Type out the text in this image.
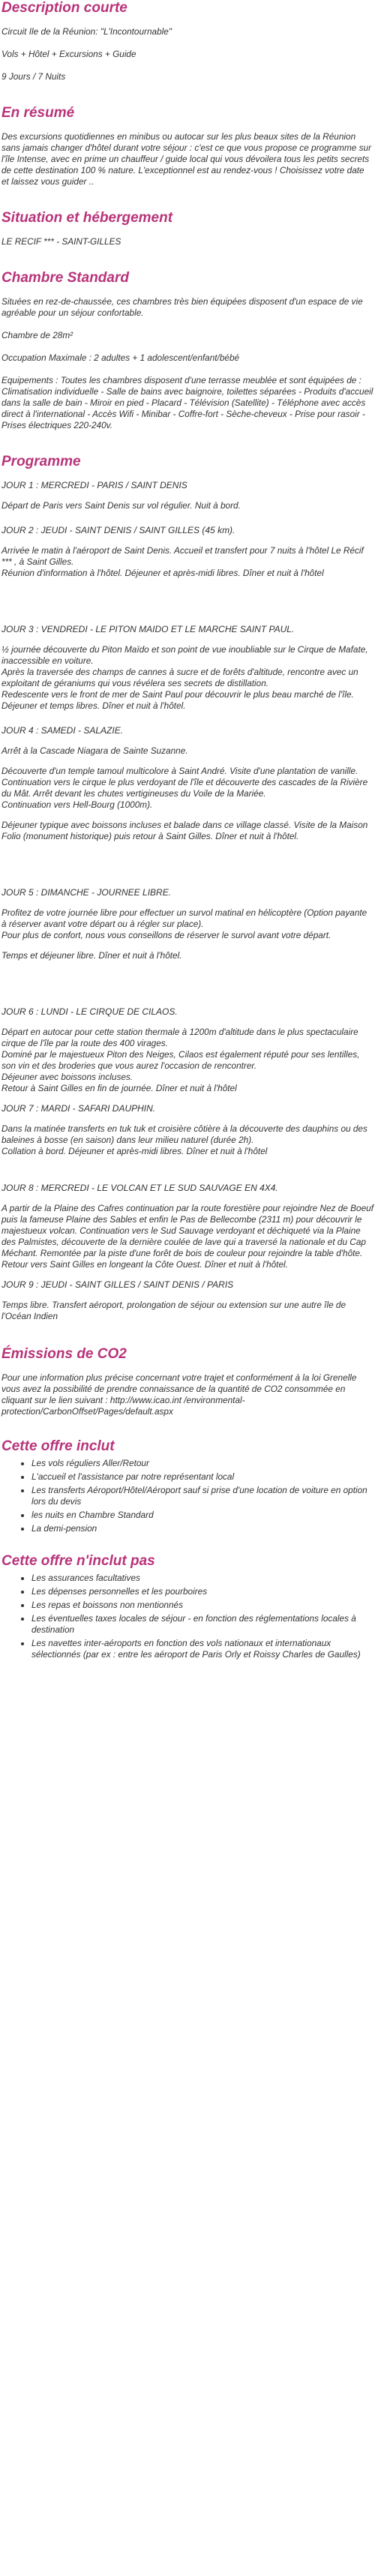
Description courte

Circuit Ile de la Réunion: "L'Incontournable"

Vols + Hôtel + Excursions + Guide

9 Jours / 7 Nuits

En résumé

Des excursions quotidiennes en minibus ou autocar sur les plus beaux sites de la Réunion sans jamais changer d'hôtel durant votre séjour : c'est ce que vous propose ce programme sur l'île Intense, avec en prime un chauffeur / guide local qui vous dévoilera tous les petits secrets de cette destination 100 % nature. L'exceptionnel est au rendez-vous ! Choisissez votre date et laissez vous guider ..

Situation et hébergement

LE RECIF *** - SAINT-GILLES

Chambre Standard

Situées en rez-de-chaussée, ces chambres très bien équipées disposent d'un espace de vie agréable pour un séjour confortable.

Chambre de 28m²

Occupation Maximale : 2 adultes + 1 adolescent/enfant/bébé

Equipements : Toutes les chambres disposent d'une terrasse meublée et sont équipées de : Climatisation individuelle - Salle de bains avec baignoire, toilettes séparées - Produits d'accueil dans la salle de bain - Miroir en pied - Placard - Télévision (Satellite) - Téléphone avec accès direct à l'international - Accès Wifi - Minibar - Coffre-fort - Sèche-cheveux - Prise pour rasoir - Prises électriques 220-240v.

Programme

JOUR 1 : MERCREDI - PARIS / SAINT DENIS

Départ de Paris vers Saint Denis sur vol régulier. Nuit à bord.

JOUR 2 : JEUDI - SAINT DENIS / SAINT GILLES (45 km).

Arrivée le matin à l'aéroport de Saint Denis. Accueil et transfert pour 7 nuits à l'hôtel Le Récif *** , à Saint Gilles.
Réunion d'information à l'hôtel. Déjeuner et après-midi libres. Dîner et nuit à l'hôtel

JOUR 3 : VENDREDI - LE PITON MAIDO ET LE MARCHE SAINT PAUL.

½ journée découverte du Piton Maïdo et son point de vue inoubliable sur le Cirque de Mafate, inaccessible en voiture.
Après la traversée des champs de cannes à sucre et de forêts d'altitude, rencontre avec un exploitant de géraniums qui vous révélera ses secrets de distillation.
Redescente vers le front de mer de Saint Paul pour découvrir le plus beau marché de l'île.
Déjeuner et temps libres. Dîner et nuit à l'hôtel.

JOUR 4 : SAMEDI - SALAZIE.

Arrêt à la Cascade Niagara de Sainte Suzanne.

Découverte d'un temple tamoul multicolore à Saint André. Visite d'une plantation de vanille.
Continuation vers le cirque le plus verdoyant de l'île et découverte des cascades de la Rivière du Mât. Arrêt devant les chutes vertigineuses du Voile de la Mariée.
Continuation vers Hell-Bourg (1000m).

Déjeuner typique avec boissons incluses et balade dans ce village classé. Visite de la Maison Folio (monument historique) puis retour à Saint Gilles. Dîner et nuit à l'hôtel.

JOUR 5 : DIMANCHE - JOURNEE LIBRE.

Profitez de votre journée libre pour effectuer un survol matinal en hélicoptère (Option payante à réserver avant votre départ ou à régler sur place).
Pour plus de confort, nous vous conseillons de réserver le survol avant votre départ.

Temps et déjeuner libre. Dîner et nuit à l'hôtel.

JOUR 6 : LUNDI - LE CIRQUE DE CILAOS.

Départ en autocar pour cette station thermale à 1200m d'altitude dans le plus spectaculaire cirque de l'île par la route des 400 virages.
Dominé par le majestueux Piton des Neiges, Cilaos est également réputé pour ses lentilles, son vin et des broderies que vous aurez l'occasion de rencontrer.
Déjeuner avec boissons incluses.
Retour à Saint Gilles en fin de journée. Dîner et nuit à l'hôtel

JOUR 7 : MARDI - SAFARI DAUPHIN.

Dans la matinée transferts en tuk tuk et croisière côtière à la découverte des dauphins ou des baleines à bosse (en saison) dans leur milieu naturel (durée 2h).
Collation à bord. Déjeuner et après-midi libres. Dîner et nuit à l'hôtel

JOUR 8 : MERCREDI - LE VOLCAN ET LE SUD SAUVAGE EN 4X4.

A partir de la Plaine des Cafres continuation par la route forestière pour rejoindre Nez de Boeuf puis la fameuse Plaine des Sables et enfin le Pas de Bellecombe (2311 m) pour découvrir le majestueux volcan. Continuation vers le Sud Sauvage verdoyant et déchiqueté via la Plaine des Palmistes, découverte de la dernière coulée de lave qui a traversé la nationale et du Cap Méchant. Remontée par la piste d'une forêt de bois de couleur pour rejoindre la table d'hôte. Retour vers Saint Gilles en longeant la Côte Ouest. Dîner et nuit à l'hôtel.

JOUR 9 : JEUDI - SAINT GILLES / SAINT DENIS / PARIS

Temps libre. Transfert aéroport, prolongation de séjour ou extension sur une autre île de l'Océan Indien

Émissions de CO2

Pour une information plus précise concernant votre trajet et conformément à la loi Grenelle vous avez la possibilité de prendre connaissance de la quantité de CO2 consommée en cliquant sur le lien suivant : http://www.icao.int /environmental-protection/CarbonOffset/Pages/default.aspx

Cette offre inclut
• Les vols réguliers Aller/Retour
• L'accueil et l'assistance par notre représentant local
• Les transferts Aéroport/Hôtel/Aéroport sauf si prise d'une location de voiture en option lors du devis
• les nuits en Chambre Standard
• La demi-pension
Cette offre n'inclut pas
• Les assurances facultatives
• Les dépenses personnelles et les pourboires
• Les repas et boissons non mentionnés
• Les éventuelles taxes locales de séjour - en fonction des réglementations locales à destination
• Les navettes inter-aéroports en fonction des vols nationaux et internationaux sélectionnés (par ex : entre les aéroport de Paris Orly et Roissy Charles de Gaulles)
